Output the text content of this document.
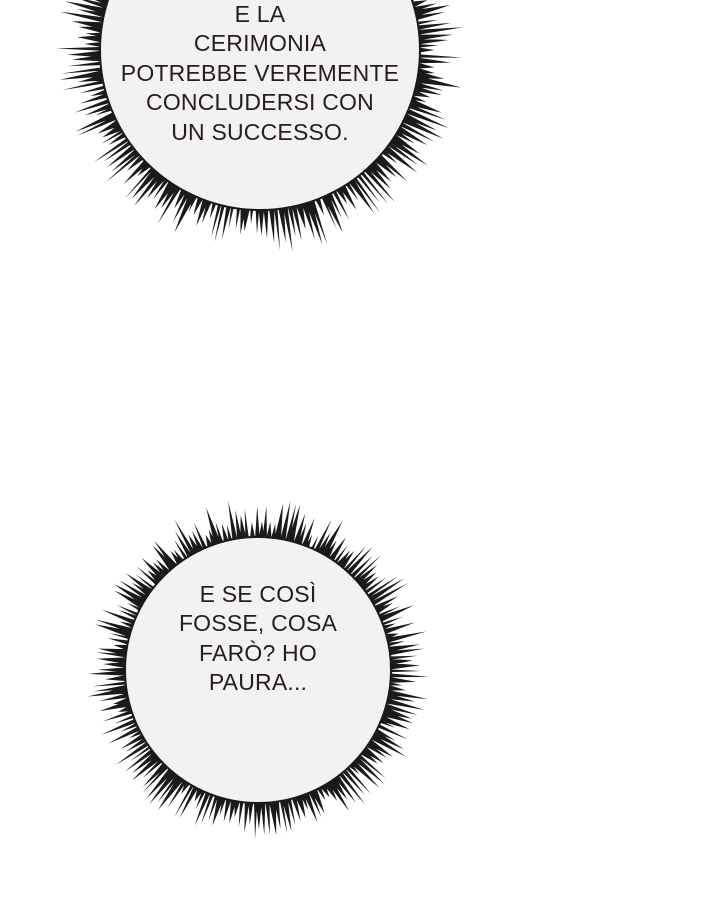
E LA
CERIMONIA
POTREBBE VEREMENTE
CONCLUDERSI CON
UN SUCCESSO.
E SE COSÌ
FOSSE, COSA
FARÒ? HO
PAURA...
